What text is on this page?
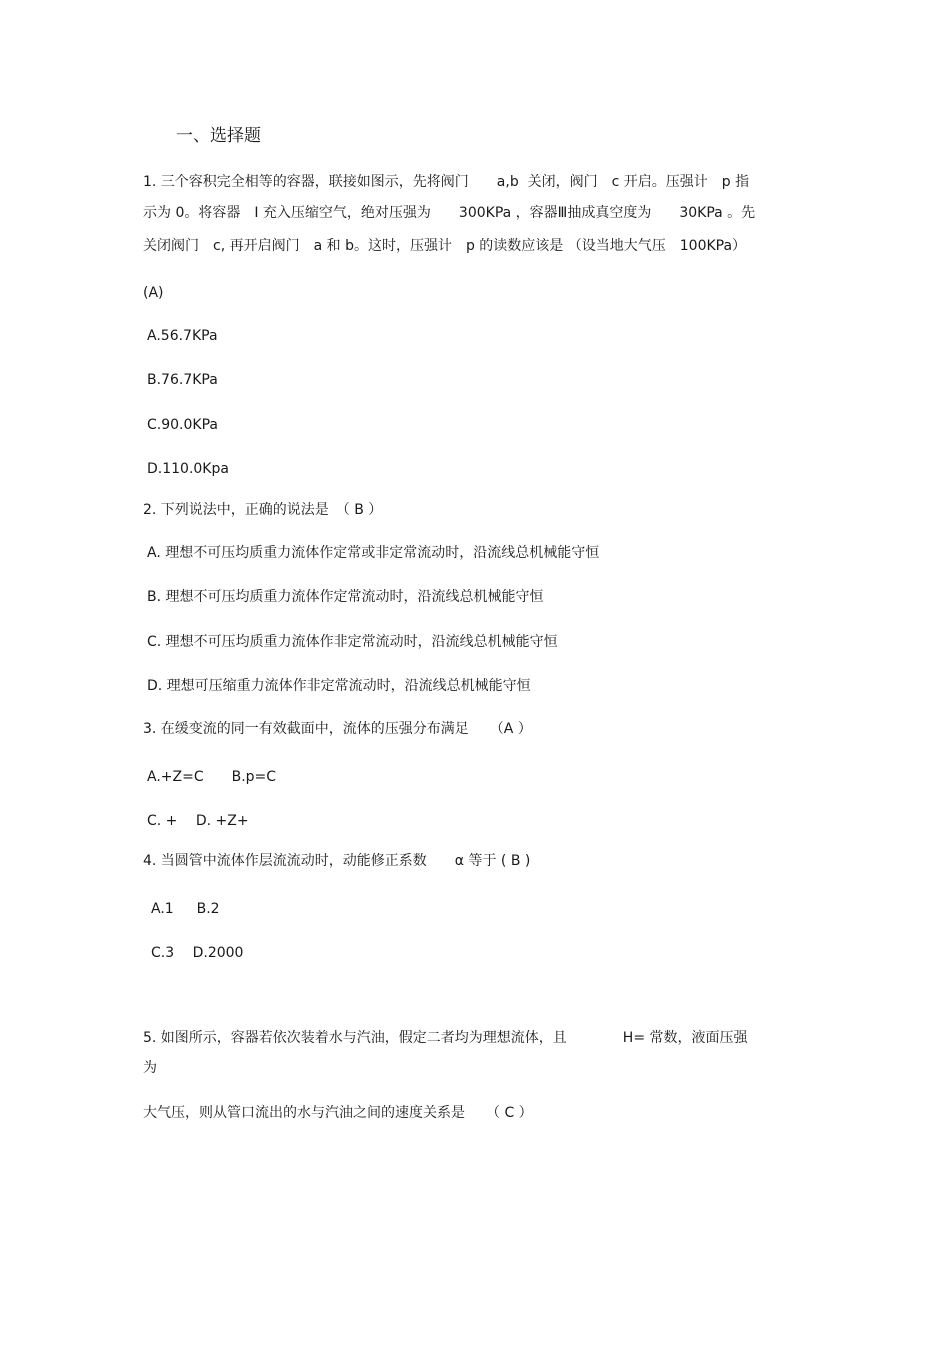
一、选择题
1. 三个容积完全相等的容器，联接如图示，先将阀门　　a,b  关闭，阀门　c 开启。压强计　p 指
示为 0。将容器　I 充入压缩空气，绝对压强为　　300KPa ，容器Ⅲ抽成真空度为　　30KPa 。先
关闭阀门　c, 再开启阀门　a 和 b。这时，压强计　p 的读数应该是 （设当地大气压　100KPa）
(A)
A.56.7KPa
B.76.7KPa
C.90.0KPa
D.110.0Kpa
2. 下列说法中，正确的说法是　（ B ）
A. 理想不可压均质重力流体作定常或非定常流动时，沿流线总机械能守恒
B. 理想不可压均质重力流体作定常流动时，沿流线总机械能守恒
C. 理想不可压均质重力流体作非定常流动时，沿流线总机械能守恒
D. 理想可压缩重力流体作非定常流动时，沿流线总机械能守恒
3. 在缓变流的同一有效截面中，流体的压强分布满足　　（A ）
A.+Z=C　　B.p=C
C. +　 D. +Z+
4. 当圆管中流体作层流流动时，动能修正系数　　α 等于 ( B )
A.1　  B.2
C.3　 D.2000
5. 如图所示，容器若依次装着水与汽油，假定二者均为理想流体，且　　　　H= 常数，液面压强
为
大气压，则从管口流出的水与汽油之间的速度关系是　　（ C ）
